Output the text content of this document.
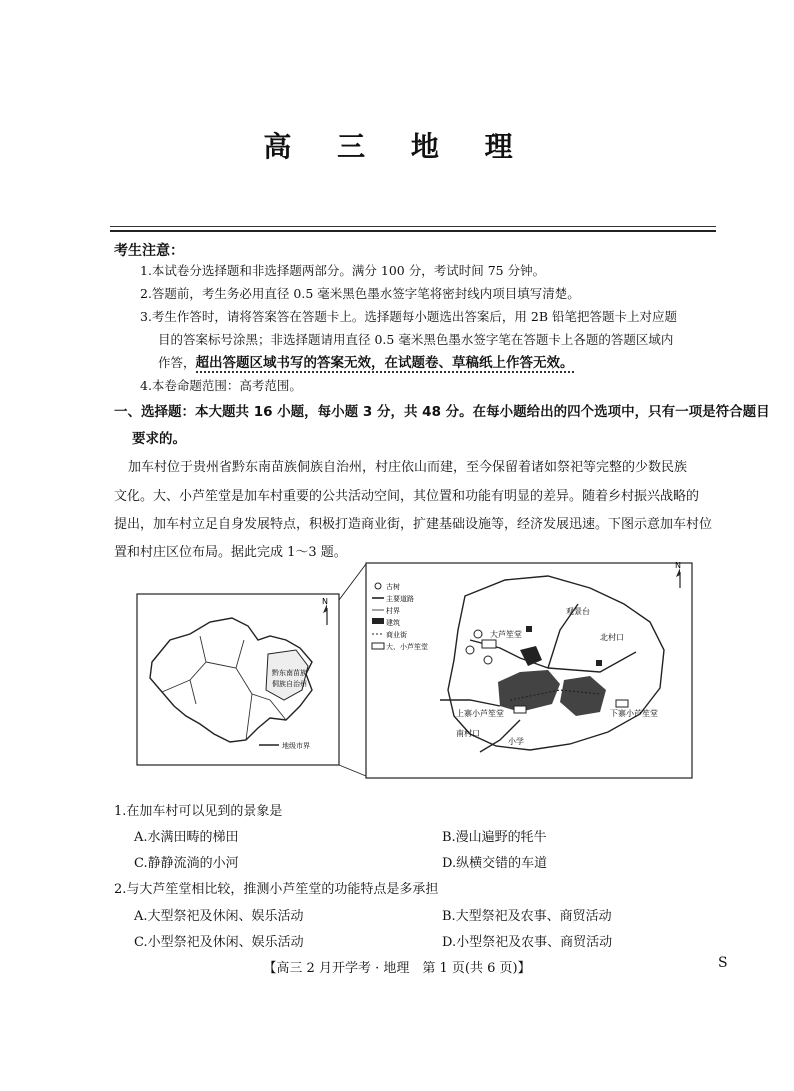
高 三 地 理
考生注意：
1.本试卷分选择题和非选择题两部分。满分 100 分，考试时间 75 分钟。
2.答题前，考生务必用直径 0.5 毫米黑色墨水签字笔将密封线内项目填写清楚。
3.考生作答时，请将答案答在答题卡上。选择题每小题选出答案后，用 2B 铅笔把答题卡上对应题
目的答案标号涂黑；非选择题请用直径 0.5 毫米黑色墨水签字笔在答题卡上各题的答题区域内
作答，超出答题区域书写的答案无效，在试题卷、草稿纸上作答无效。
4.本卷命题范围：高考范围。
一、选择题：本大题共 16 小题，每小题 3 分，共 48 分。在每小题给出的四个选项中，只有一项是符合题目
要求的。
加车村位于贵州省黔东南苗族侗族自治州，村庄依山而建，至今保留着诸如祭祀等完整的少数民族
文化。大、小芦笙堂是加车村重要的公共活动空间，其位置和功能有明显的差异。随着乡村振兴战略的
提出，加车村立足自身发展特点，积极打造商业街，扩建基础设施等，经济发展迅速。下图示意加车村位
置和村庄区位布局。据此完成 1～3 题。
N
黔东南苗族
侗族自治州
地级市界
N
古树
主要道路
村界
建筑
商业街
大、小芦笙堂
观景台
北村口
大芦笙堂
上寨小芦笙堂	下寨小芦笙堂
南村口
小学
1.在加车村可以见到的景象是
A.水满田畴的梯田	B.漫山遍野的牦牛
C.静静流淌的小河	D.纵横交错的车道
2.与大芦笙堂相比较，推测小芦笙堂的功能特点是多承担
A.大型祭祀及休闲、娱乐活动	B.大型祭祀及农事、商贸活动
C.小型祭祀及休闲、娱乐活动	D.小型祭祀及农事、商贸活动
【高三 2 月开学考 · 地理　第 1 页(共 6 页)】	S
